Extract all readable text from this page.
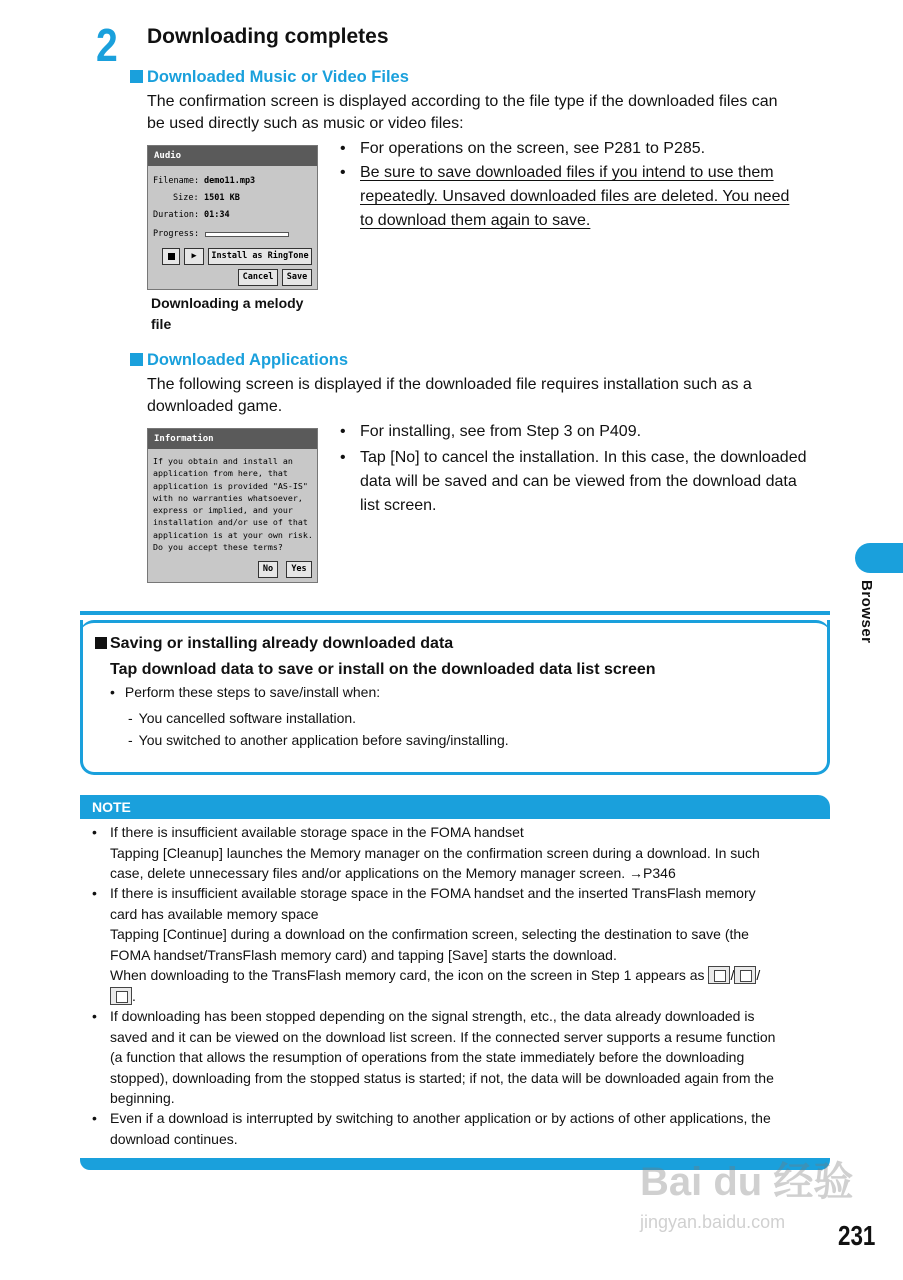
2 Downloading completes
Downloaded Music or Video Files
The confirmation screen is displayed according to the file type if the downloaded files can
be used directly such as music or video files:
Audio
Filename: demo11.mp3
Size: 1501 KB
Duration: 01:34
Progress:
▶	Install as RingTone
Cancel	Save
Downloading a melody
file
• For operations on the screen, see P281 to P285.
• Be sure to save downloaded files if you intend to use them
repeatedly. Unsaved downloaded files are deleted. You need
to download them again to save.
Downloaded Applications
The following screen is displayed if the downloaded file requires installation such as a
downloaded game.
Information
If you obtain and install an
application from here, that
application is provided "AS-IS"
with no warranties whatsoever,
express or implied, and your
installation and/or use of that
application is at your own risk.
Do you accept these terms?
No	Yes
• For installing, see from Step 3 on P409.
• Tap [No] to cancel the installation. In this case, the downloaded
data will be saved and can be viewed from the download data
list screen.
Browser
Saving or installing already downloaded data
Tap download data to save or install on the downloaded data list screen
• Perform these steps to save/install when:
- You cancelled software installation.
- You switched to another application before saving/installing.
NOTE
• If there is insufficient available storage space in the FOMA handset
Tapping [Cleanup] launches the Memory manager on the confirmation screen during a download. In such
case, delete unnecessary files and/or applications on the Memory manager screen. →P346
• If there is insufficient available storage space in the FOMA handset and the inserted TransFlash memory
card has available memory space
Tapping [Continue] during a download on the confirmation screen, selecting the destination to save (the
FOMA handset/TransFlash memory card) and tapping [Save] starts the download.
When downloading to the TransFlash memory card, the icon on the screen in Step 1 appears as / /
.
• If downloading has been stopped depending on the signal strength, etc., the data already downloaded is
saved and it can be viewed on the download list screen. If the connected server supports a resume function
(a function that allows the resumption of operations from the state immediately before the downloading
stopped), downloading from the stopped status is started; if not, the data will be downloaded again from the
beginning.
• Even if a download is interrupted by switching to another application or by actions of other applications, the
download continues.
Bai du 经验
jingyan.baidu.com 231
